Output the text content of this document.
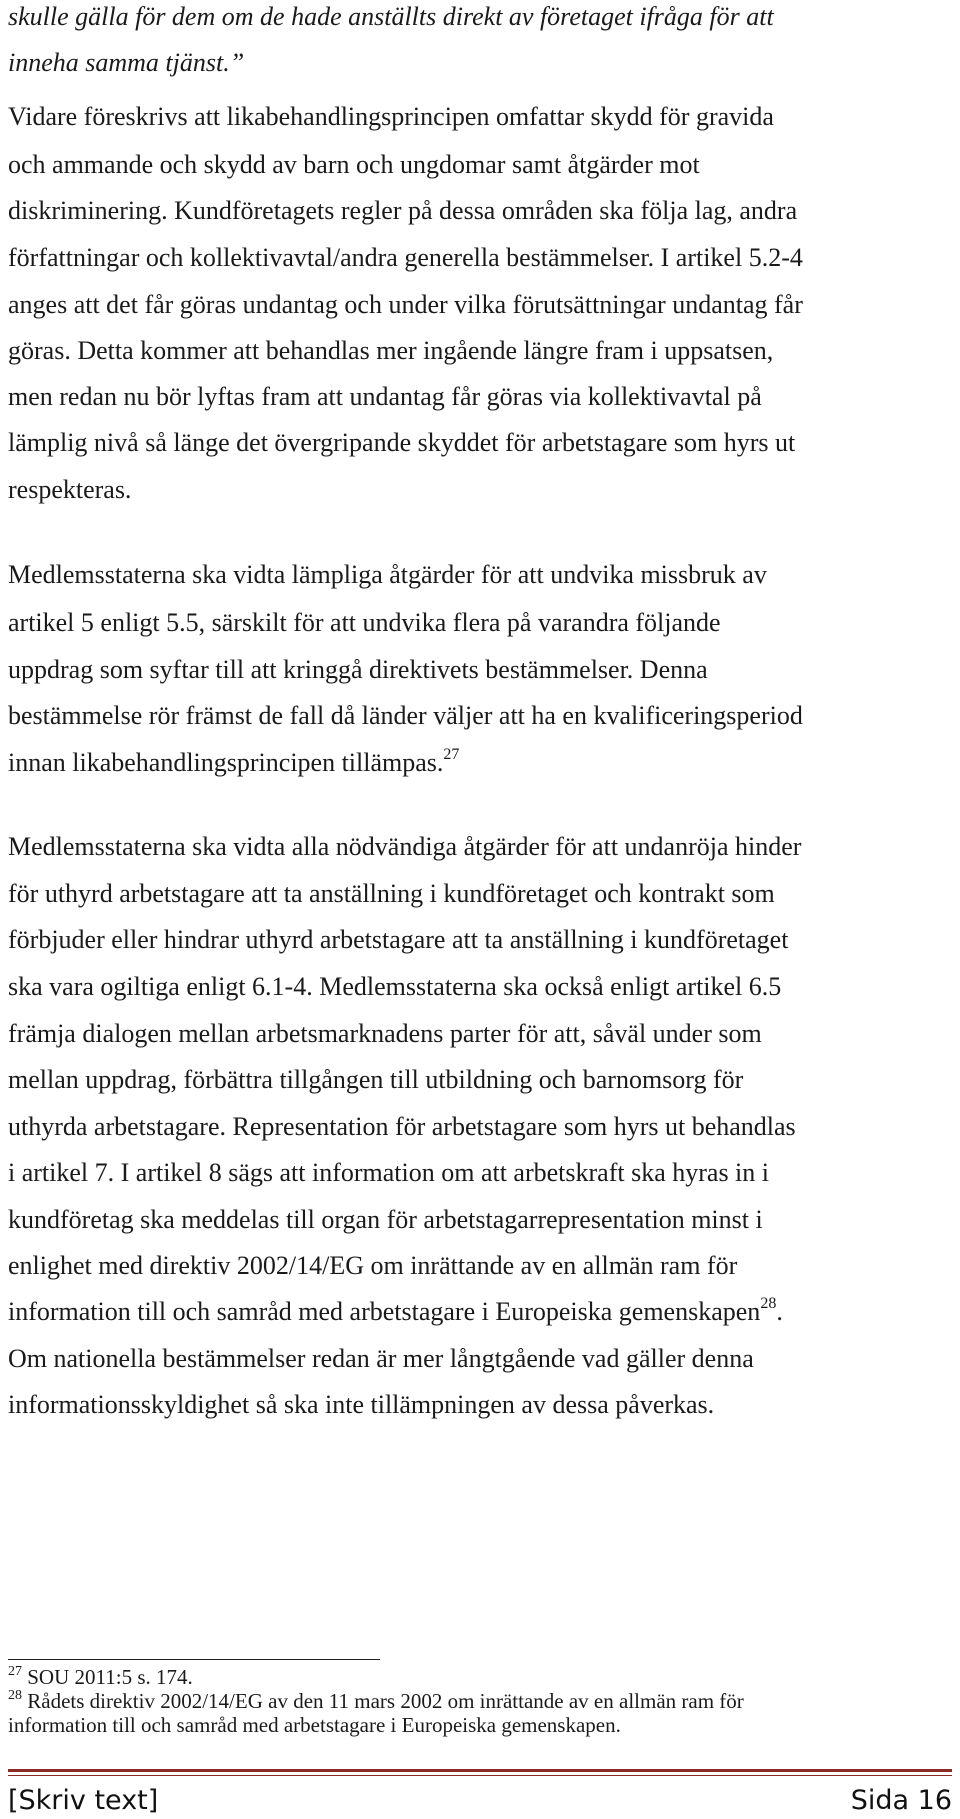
skulle gälla för dem om de hade anställts direkt av företaget ifråga för att
inneha samma tjänst.”
Vidare föreskrivs att likabehandlingsprincipen omfattar skydd för gravida
och ammande och skydd av barn och ungdomar samt åtgärder mot
diskriminering. Kundföretagets regler på dessa områden ska följa lag, andra
författningar och kollektivavtal/andra generella bestämmelser. I artikel 5.2-4
anges att det får göras undantag och under vilka förutsättningar undantag får
göras. Detta kommer att behandlas mer ingående längre fram i uppsatsen,
men redan nu bör lyftas fram att undantag får göras via kollektivavtal på
lämplig nivå så länge det övergripande skyddet för arbetstagare som hyrs ut
respekteras.
Medlemsstaterna ska vidta lämpliga åtgärder för att undvika missbruk av
artikel 5 enligt 5.5, särskilt för att undvika flera på varandra följande
uppdrag som syftar till att kringgå direktivets bestämmelser. Denna
bestämmelse rör främst de fall då länder väljer att ha en kvalificeringsperiod
innan likabehandlingsprincipen tillämpas.$^{27}$
Medlemsstaterna ska vidta alla nödvändiga åtgärder för att undanröja hinder
för uthyrd arbetstagare att ta anställning i kundföretaget och kontrakt som
förbjuder eller hindrar uthyrd arbetstagare att ta anställning i kundföretaget
ska vara ogiltiga enligt 6.1-4. Medlemsstaterna ska också enligt artikel 6.5
främja dialogen mellan arbetsmarknadens parter för att, såväl under som
mellan uppdrag, förbättra tillgången till utbildning och barnomsorg för
uthyrda arbetstagare. Representation för arbetstagare som hyrs ut behandlas
i artikel 7. I artikel 8 sägs att information om att arbetskraft ska hyras in i
kundföretag ska meddelas till organ för arbetstagarrepresentation minst i
enlighet med direktiv 2002/14/EG om inrättande av en allmän ram för
information till och samråd med arbetstagare i Europeiska gemenskapen$^{28}$.
Om nationella bestämmelser redan är mer långtgående vad gäller denna
informationsskyldighet så ska inte tillämpningen av dessa påverkas.
$^{27}$ SOU 2011:5 s. 174.
$^{28}$ Rådets direktiv 2002/14/EG av den 11 mars 2002 om inrättande av en allmän ram för
information till och samråd med arbetstagare i Europeiska gemenskapen.
[Skriv text]	Sida 16
